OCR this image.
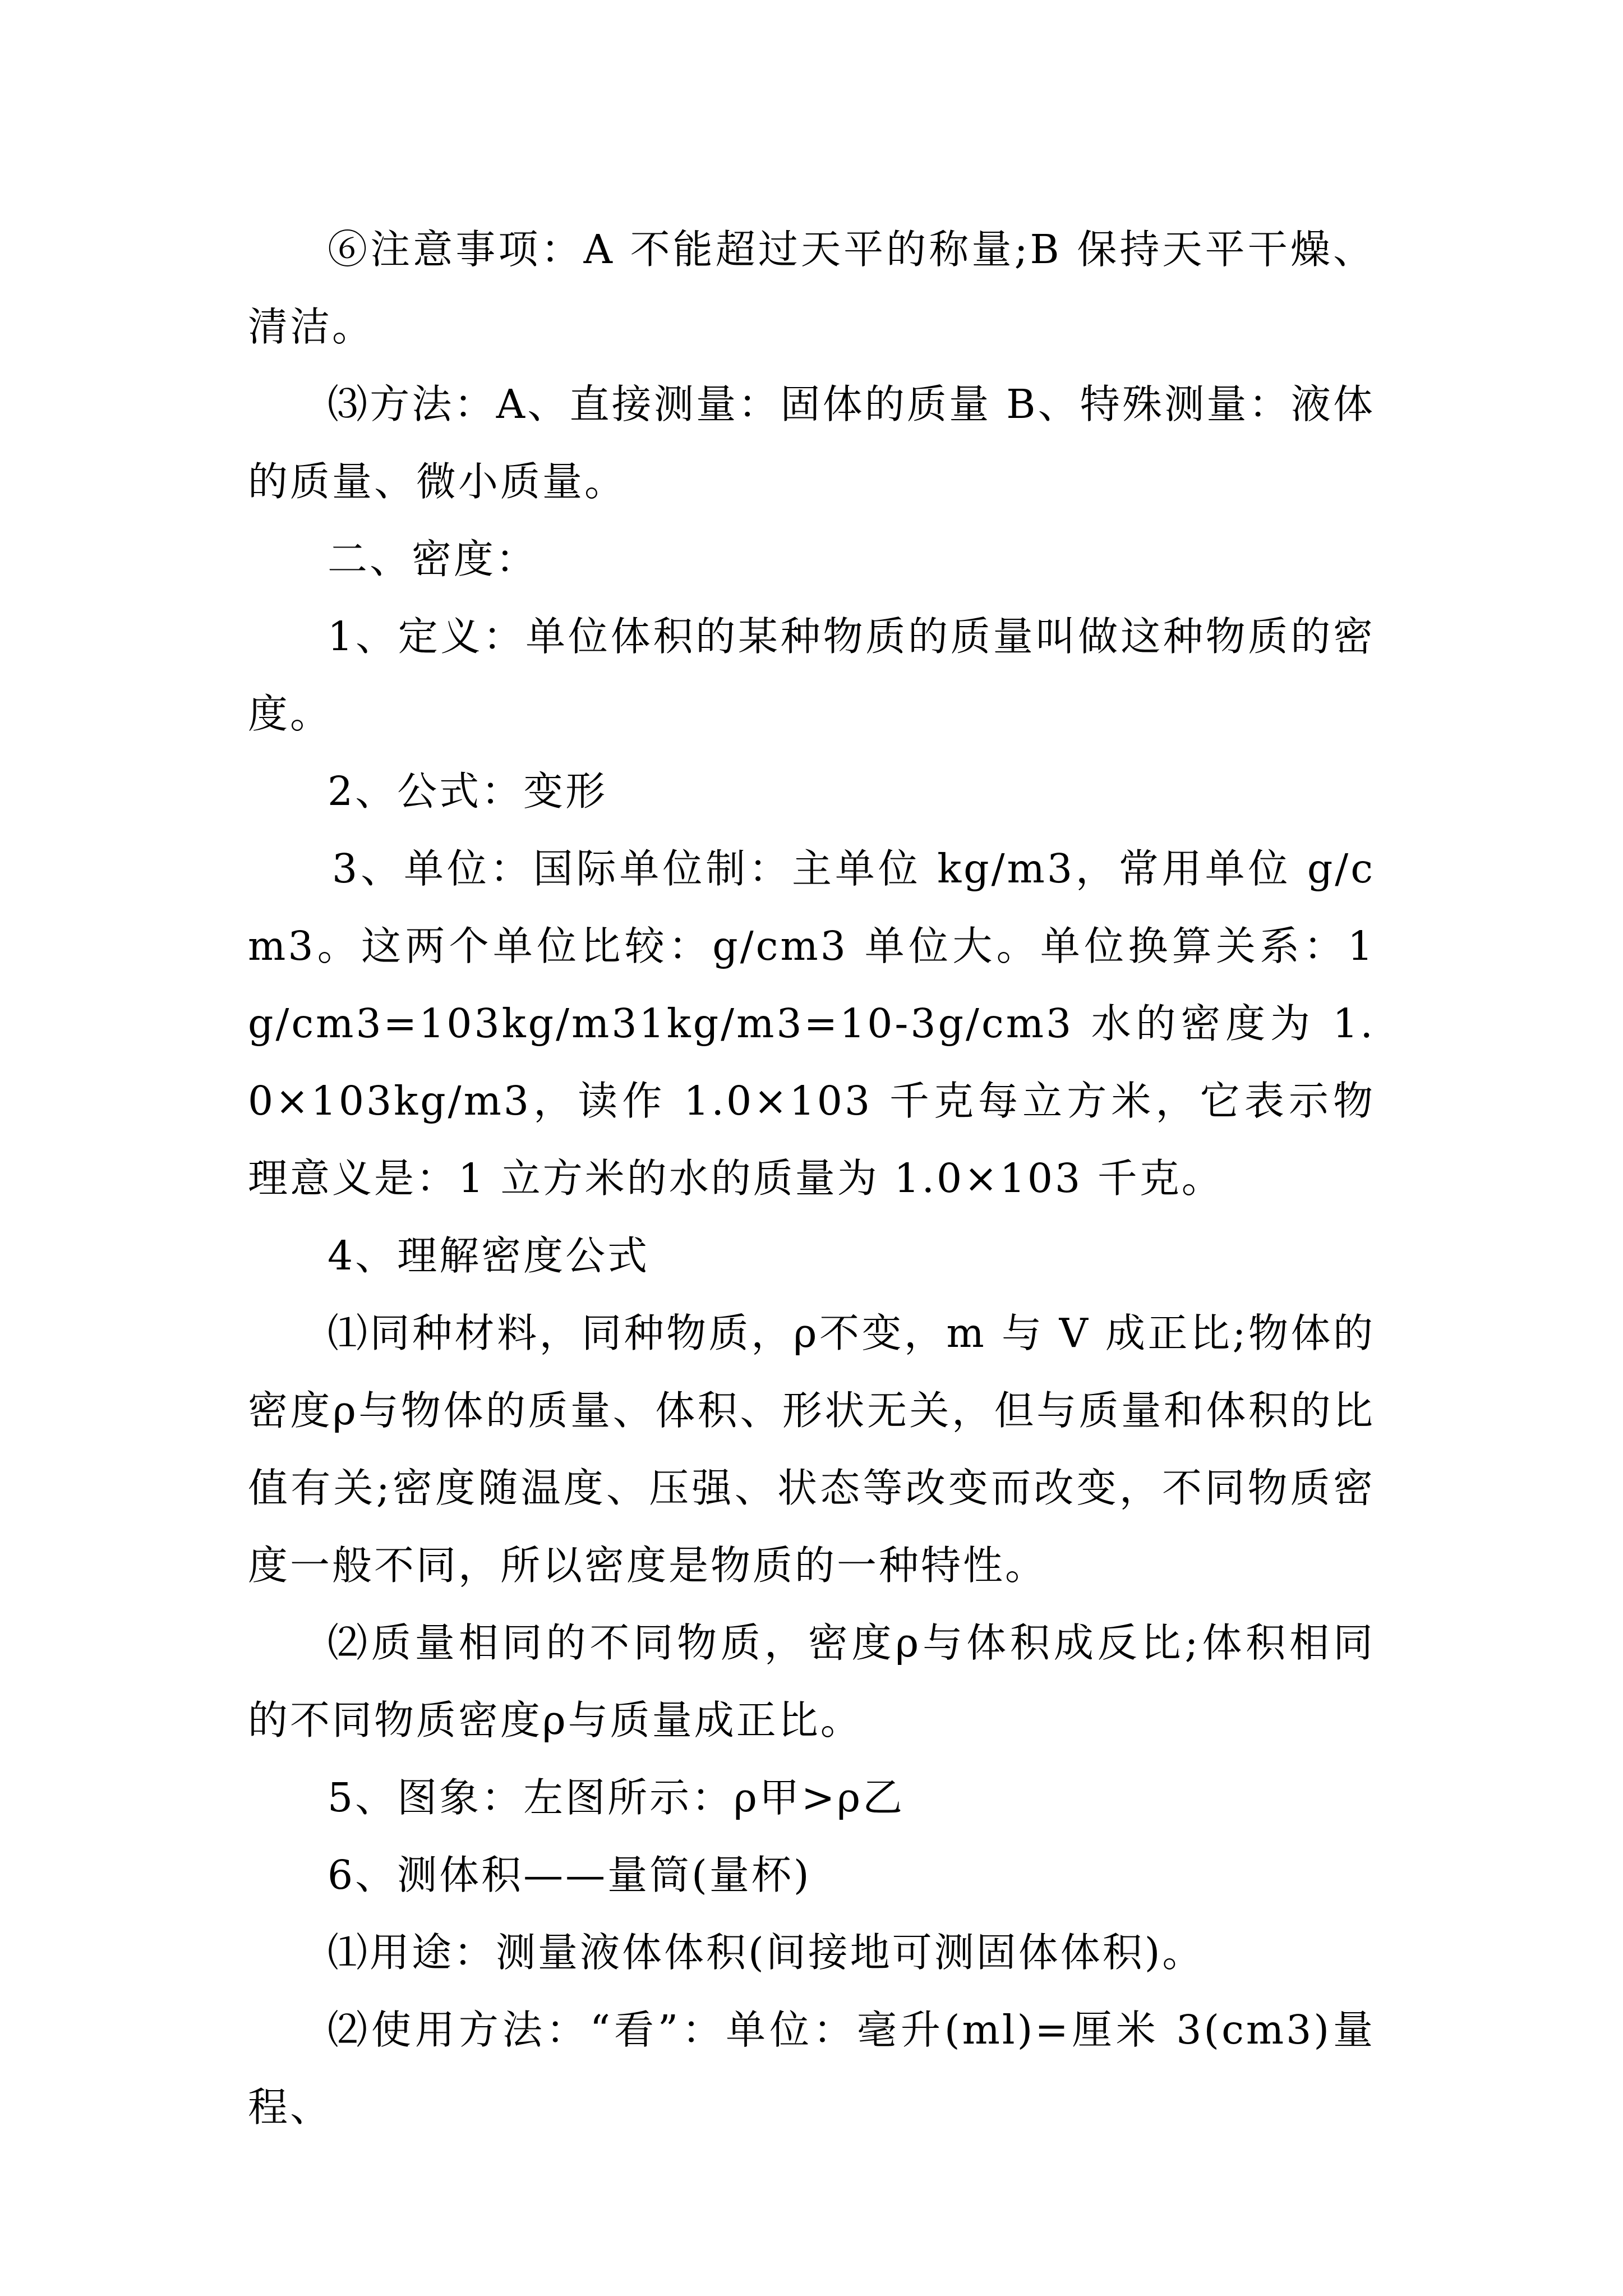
⑥注意事项：A 不能超过天平的称量;B 保持天平干燥、清洁。

⑶方法：A、直接测量：固体的质量 B、特殊测量：液体的质量、微小质量。

二、密度：

1、定义：单位体积的某种物质的质量叫做这种物质的密度。

2、公式：变形

3、单位：国际单位制：主单位 kg/m3，常用单位 g/cm3。这两个单位比较：g/cm3 单位大。单位换算关系：1g/cm3=103kg/m31kg/m3=10-3g/cm3 水的密度为 1.0×103kg/m3，读作 1.0×103 千克每立方米，它表示物理意义是：1 立方米的水的质量为 1.0×103 千克。

4、理解密度公式

⑴同种材料，同种物质，ρ不变，m 与 V 成正比;物体的密度ρ与物体的质量、体积、形状无关，但与质量和体积的比值有关;密度随温度、压强、状态等改变而改变，不同物质密度一般不同，所以密度是物质的一种特性。

⑵质量相同的不同物质，密度ρ与体积成反比;体积相同的不同物质密度ρ与质量成正比。

5、图象：左图所示：ρ甲>ρ乙

6、测体积——量筒(量杯)

⑴用途：测量液体体积(间接地可测固体体积)。

⑵使用方法：“看”：单位：毫升(ml)=厘米 3(cm3)量程、
